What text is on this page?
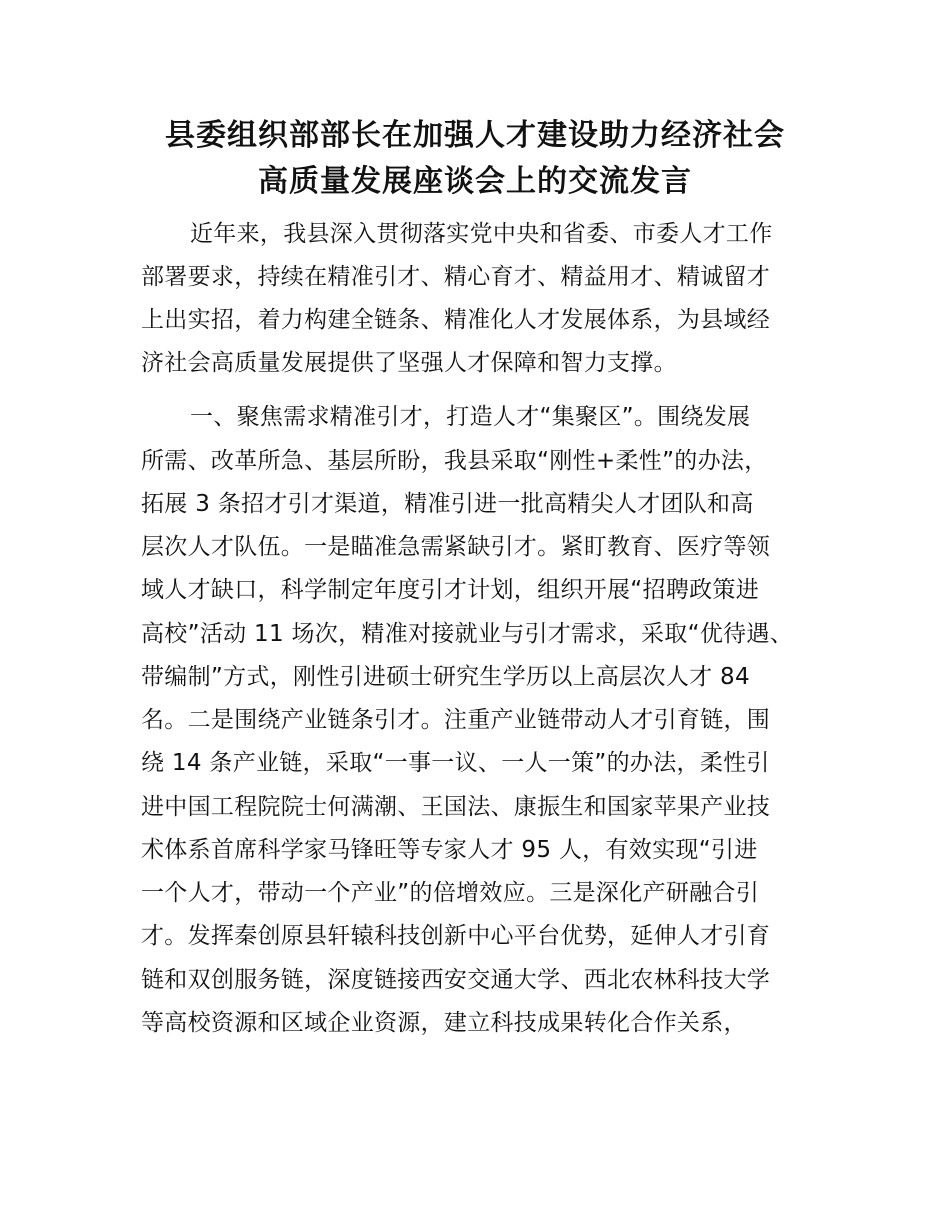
县委组织部部长在加强人才建设助力经济社会
高质量发展座谈会上的交流发言

近年来，我县深入贯彻落实党中央和省委、市委人才工作

部署要求，持续在精准引才、精心育才、精益用才、精诚留才

上出实招，着力构建全链条、精准化人才发展体系，为县域经

济社会高质量发展提供了坚强人才保障和智力支撑。

一、聚焦需求精准引才，打造人才“集聚区”。围绕发展

所需、改革所急、基层所盼，我县采取“刚性+柔性”的办法，

拓展 3 条招才引才渠道，精准引进一批高精尖人才团队和高

层次人才队伍。一是瞄准急需紧缺引才。紧盯教育、医疗等领

域人才缺口，科学制定年度引才计划，组织开展“招聘政策进

高校”活动 11 场次，精准对接就业与引才需求，采取“优待遇、

带编制”方式，刚性引进硕士研究生学历以上高层次人才 84

名。二是围绕产业链条引才。注重产业链带动人才引育链，围

绕 14 条产业链，采取“一事一议、一人一策”的办法，柔性引

进中国工程院院士何满潮、王国法、康振生和国家苹果产业技

术体系首席科学家马锋旺等专家人才 95 人，有效实现“引进

一个人才，带动一个产业”的倍增效应。三是深化产研融合引

才。发挥秦创原县轩辕科技创新中心平台优势，延伸人才引育

链和双创服务链，深度链接西安交通大学、西北农林科技大学

等高校资源和区域企业资源，建立科技成果转化合作关系，
